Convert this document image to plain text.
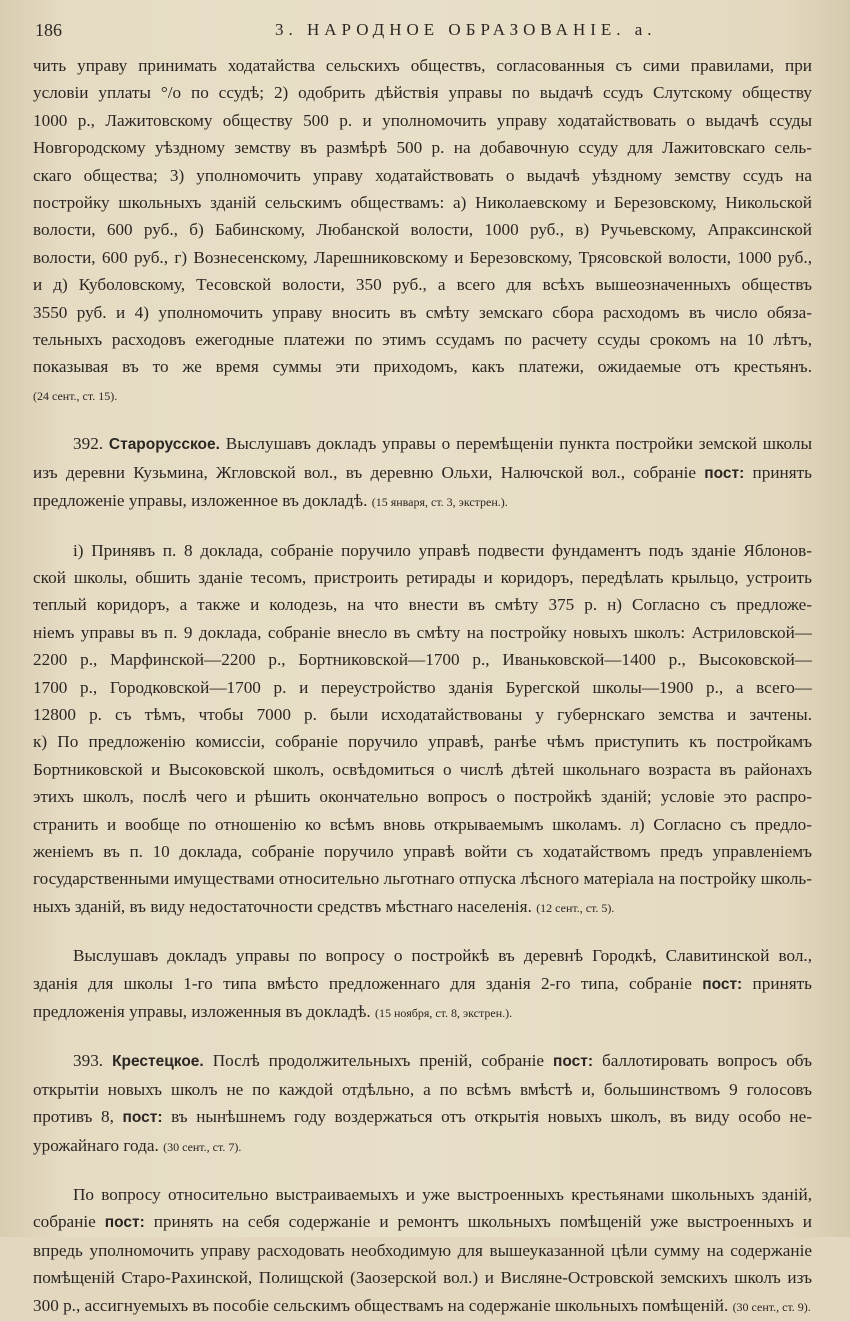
186	3. НАРОДНОЕ ОБРАЗОВАНІЕ. а.
чить управу принимать ходатайства сельскихъ обществъ, согласованныя съ сими правилами, при
условіи уплаты °/о по ссудѣ; 2) одобрить дѣйствія управы по выдачѣ ссудъ Слутскому обществу
1000 р., Лажитовскому обществу 500 р. и уполномочить управу ходатайствовать о выдачѣ ссуды
Новгородскому уѣздному земству въ размѣрѣ 500 р. на добавочную ссуду для Лажитовскаго сель-
скаго общества; 3) уполномочить управу ходатайствовать о выдачѣ уѣздному земству ссудъ на
постройку школьныхъ зданій сельскимъ обществамъ: а) Николаевскому и Березовскому, Никольской
волости, 600 руб., б) Бабинскому, Любанской волости, 1000 руб., в) Ручьевскому, Апраксинской
волости, 600 руб., г) Вознесенскому, Ларешниковскому и Березовскому, Трясовской волости, 1000 руб.,
и д) Куболовскому, Тесовской волости, 350 руб., а всего для всѣхъ вышеозначенныхъ обществъ
3550 руб. и 4) уполномочить управу вносить въ смѣту земскаго сбора расходомъ въ число обяза-
тельныхъ расходовъ ежегодные платежи по этимъ ссудамъ по расчету ссуды срокомъ на 10 лѣтъ,
показывая въ то же время суммы эти приходомъ, какъ платежи, ожидаемые отъ крестьянъ.
(24 сент., ст. 15).
392. Старорусское. Выслушавъ докладъ управы о перемѣщеніи пункта постройки земской школы
изъ деревни Кузьмина, Жгловской вол., въ деревню Ольхи, Налючской вол., собраніе пост: принять
предложеніе управы, изложенное въ докладѣ. (15 января, ст. 3, экстрен.).
і) Принявъ п. 8 доклада, собраніе поручило управѣ подвести фундаментъ подъ зданіе Яблонов-
ской школы, обшить зданіе тесомъ, пристроить ретирады и коридоръ, передѣлать крыльцо, устроить
теплый коридоръ, а также и колодезь, на что внести въ смѣту 375 р. н) Согласно съ предложе-
ніемъ управы въ п. 9 доклада, собраніе внесло въ смѣту на постройку новыхъ школъ: Астриловской—
2200 р., Марфинской—2200 р., Бортниковской—1700 р., Иваньковской—1400 р., Высоковской—
1700 р., Городковской—1700 р. и переустройство зданія Бурегской школы—1900 р., а всего—
12800 р. съ тѣмъ, чтобы 7000 р. были исходатайствованы у губернскаго земства и зачтены.
к) По предложенію комиссіи, собраніе поручило управѣ, ранѣе чѣмъ приступить къ постройкамъ
Бортниковской и Высоковской школъ, освѣдомиться о числѣ дѣтей школьнаго возраста въ районахъ
этихъ школъ, послѣ чего и рѣшить окончательно вопросъ о постройкѣ зданій; условіе это распро-
странить и вообще по отношенію ко всѣмъ вновь открываемымъ школамъ. л) Согласно съ предло-
женіемъ въ п. 10 доклада, собраніе поручило управѣ войти съ ходатайствомъ предъ управленіемъ
государственными имуществами относительно льготнаго отпуска лѣсного матеріала на постройку школь-
ныхъ зданій, въ виду недостаточности средствъ мѣстнаго населенія. (12 сент., ст. 5).
Выслушавъ докладъ управы по вопросу о постройкѣ въ деревнѣ Городкѣ, Славитинской вол.,
зданія для школы 1-го типа вмѣсто предложеннаго для зданія 2-го типа, собраніе пост: принять
предложенія управы, изложенныя въ докладѣ. (15 ноября, ст. 8, экстрен.).
393. Крестецкое. Послѣ продолжительныхъ преній, собраніе пост: баллотировать вопросъ объ
открытіи новыхъ школъ не по каждой отдѣльно, а по всѣмъ вмѣстѣ и, большинствомъ 9 голосовъ
противъ 8, пост: въ нынѣшнемъ году воздержаться отъ открытія новыхъ школъ, въ виду особо не-
урожайнаго года. (30 сент., ст. 7).
По вопросу относительно выстраиваемыхъ и уже выстроенныхъ крестьянами школьныхъ зданій,
собраніе пост: принять на себя содержаніе и ремонтъ школьныхъ помѣщеній уже выстроенныхъ и
впредь уполномочить управу расходовать необходимую для вышеуказанной цѣли сумму на содержаніе
помѣщеній Старо-Рахинской, Полищской (Заозерской вол.) и Висляне-Островской земскихъ школъ изъ
300 р., ассигнуемыхъ въ пособіе сельскимъ обществамъ на содержаніе школьныхъ помѣщеній. (30 сент., ст. 9).
